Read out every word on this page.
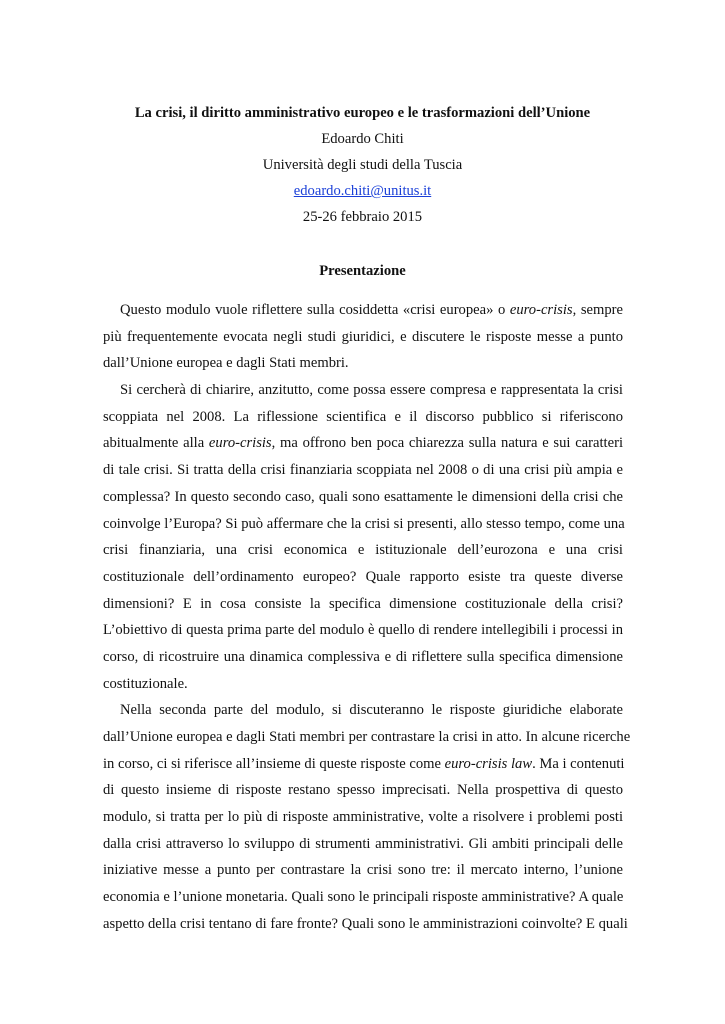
La crisi, il diritto amministrativo europeo e le trasformazioni dell’Unione
Edoardo Chiti
Università degli studi della Tuscia
edoardo.chiti@unitus.it
25-26 febbraio 2015
Presentazione

Questo modulo vuole riflettere sulla cosiddetta «crisi europea» o euro-crisis, sempre
più frequentemente evocata negli studi giuridici, e discutere le risposte messe a punto
dall’Unione europea e dagli Stati membri.

Si cercherà di chiarire, anzitutto, come possa essere compresa e rappresentata la crisi
scoppiata nel 2008. La riflessione scientifica e il discorso pubblico si riferiscono
abitualmente alla euro-crisis, ma offrono ben poca chiarezza sulla natura e sui caratteri
di tale crisi. Si tratta della crisi finanziaria scoppiata nel 2008 o di una crisi più ampia e
complessa? In questo secondo caso, quali sono esattamente le dimensioni della crisi che
coinvolge l’Europa? Si può affermare che la crisi si presenti, allo stesso tempo, come una
crisi finanziaria, una crisi economica e istituzionale dell’eurozona e una crisi
costituzionale dell’ordinamento europeo? Quale rapporto esiste tra queste diverse
dimensioni? E in cosa consiste la specifica dimensione costituzionale della crisi?
L’obiettivo di questa prima parte del modulo è quello di rendere intellegibili i processi in
corso, di ricostruire una dinamica complessiva e di riflettere sulla specifica dimensione
costituzionale.

Nella seconda parte del modulo, si discuteranno le risposte giuridiche elaborate
dall’Unione europea e dagli Stati membri per contrastare la crisi in atto. In alcune ricerche
in corso, ci si riferisce all’insieme di queste risposte come euro-crisis law. Ma i contenuti
di questo insieme di risposte restano spesso imprecisati. Nella prospettiva di questo
modulo, si tratta per lo più di risposte amministrative, volte a risolvere i problemi posti
dalla crisi attraverso lo sviluppo di strumenti amministrativi. Gli ambiti principali delle
iniziative messe a punto per contrastare la crisi sono tre: il mercato interno, l’unione
economia e l’unione monetaria. Quali sono le principali risposte amministrative? A quale
aspetto della crisi tentano di fare fronte? Quali sono le amministrazioni coinvolte? E quali
